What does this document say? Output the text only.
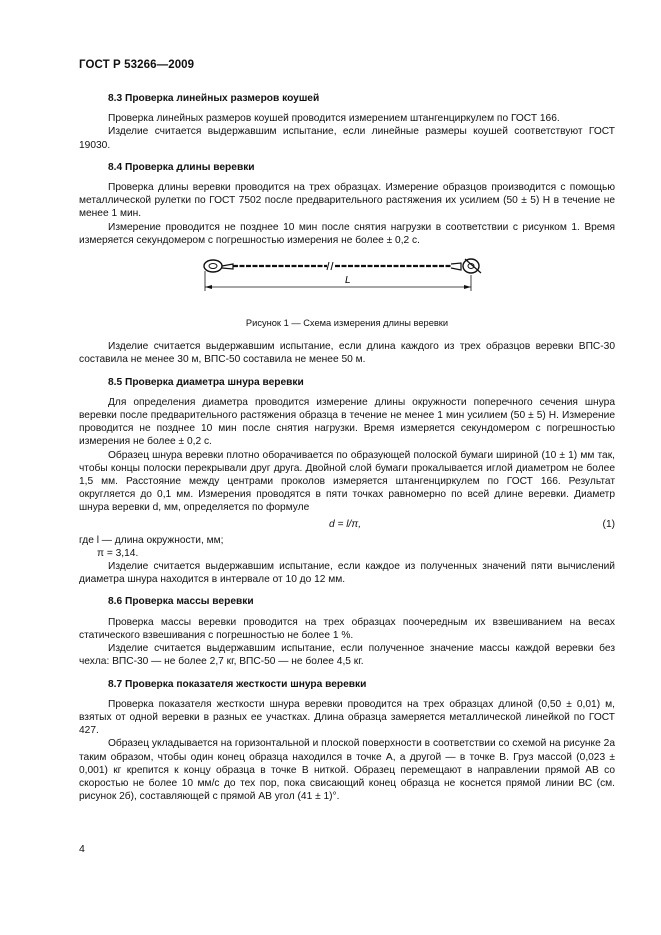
ГОСТ Р 53266—2009
8.3 Проверка линейных размеров коушей

Проверка линейных размеров коушей проводится измерением штангенциркулем по ГОСТ 166.

Изделие считается выдержавшим испытание, если линейные размеры коушей соответствуют ГОСТ 19030.

8.4 Проверка длины веревки

Проверка длины веревки проводится на трех образцах. Измерение образцов производится с помощью металлической рулетки по ГОСТ 7502 после предварительного растяжения их усилием (50 ± 5) Н в течение не менее 1 мин.

Измерение проводится не позднее 10 мин после снятия нагрузки в соответствии с рисунком 1. Время измеряется секундомером с погрешностью измерения не более ± 0,2 с.

L
Рисунок 1 — Схема измерения длины веревки

Изделие считается выдержавшим испытание, если длина каждого из трех образцов веревки ВПС-30 составила не менее 30 м, ВПС-50 составила не менее 50 м.

8.5 Проверка диаметра шнура веревки

Для определения диаметра проводится измерение длины окружности поперечного сечения шнура веревки после предварительного растяжения образца в течение не менее 1 мин усилием (50 ± 5) Н. Измерение проводится не позднее 10 мин после снятия нагрузки. Время измеряется секундомером с погрешностью измерения не более ± 0,2 с.

Образец шнура веревки плотно оборачивается по образующей полоской бумаги шириной (10 ± 1) мм так, чтобы концы полоски перекрывали друг друга. Двойной слой бумаги прокалывается иглой диаметром не более 1,5 мм. Расстояние между центрами проколов измеряется штангенциркулем по ГОСТ 166. Результат округляется до 0,1 мм. Измерения проводятся в пяти точках равномерно по всей длине веревки. Диаметр шнура веревки d, мм, определяется по формуле

d = l/π,	(1)

где l — длина окружности, мм;

π = 3,14.

Изделие считается выдержавшим испытание, если каждое из полученных значений пяти вычислений диаметра шнура находится в интервале от 10 до 12 мм.

8.6 Проверка массы веревки

Проверка массы веревки проводится на трех образцах поочередным их взвешиванием на весах статического взвешивания с погрешностью не более 1 %.

Изделие считается выдержавшим испытание, если полученное значение массы каждой веревки без чехла: ВПС-30 — не более 2,7 кг, ВПС-50 — не более 4,5 кг.

8.7 Проверка показателя жесткости шнура веревки

Проверка показателя жесткости шнура веревки проводится на трех образцах длиной (0,50 ± 0,01) м, взятых от одной веревки в разных ее участках. Длина образца замеряется металлической линейкой по ГОСТ 427.

Образец укладывается на горизонтальной и плоской поверхности в соответствии со схемой на рисунке 2а таким образом, чтобы один конец образца находился в точке А, а другой — в точке В. Груз массой (0,023 ± 0,001) кг крепится к концу образца в точке В ниткой. Образец перемещают в направлении прямой АВ со скоростью не более 10 мм/с до тех пор, пока свисающий конец образца не коснется прямой линии ВС (см. рисунок 2б), составляющей с прямой АВ угол (41 ± 1)°.

4
